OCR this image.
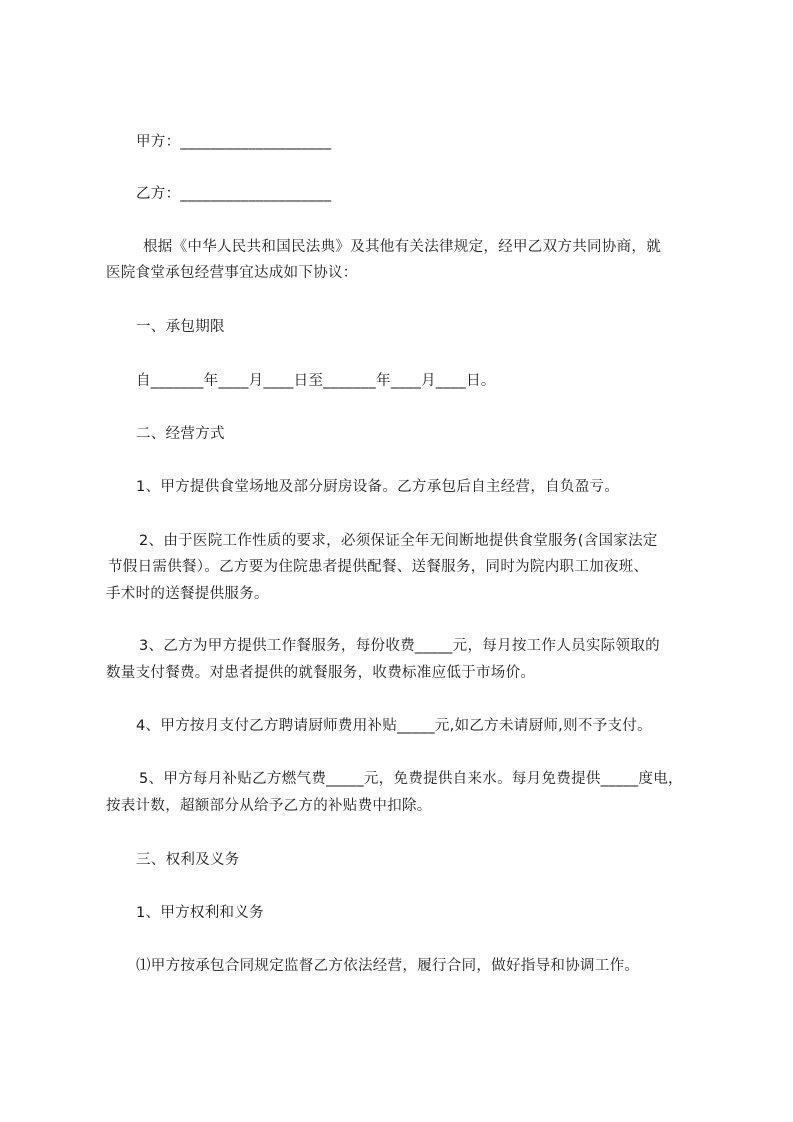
甲方：____________________
乙方：____________________
根据《中华人民共和国民法典》及其他有关法律规定，经甲乙双方共同协商，就
医院食堂承包经营事宜达成如下协议：
一、承包期限
自_______年____月____日至_______年____月____日。
二、经营方式
1、甲方提供食堂场地及部分厨房设备。乙方承包后自主经营，自负盈亏。
2、由于医院工作性质的要求，必须保证全年无间断地提供食堂服务(含国家法定
节假日需供餐）。乙方要为住院患者提供配餐、送餐服务，同时为院内职工加夜班、
手术时的送餐提供服务。
3、乙方为甲方提供工作餐服务，每份收费_____元，每月按工作人员实际领取的
数量支付餐费。对患者提供的就餐服务，收费标准应低于市场价。
4、甲方按月支付乙方聘请厨师费用补贴_____元,如乙方未请厨师,则不予支付。
5、甲方每月补贴乙方燃气费_____元，免费提供自来水。每月免费提供_____度电，
按表计数，超额部分从给予乙方的补贴费中扣除。
三、权利及义务
1、甲方权利和义务
⑴甲方按承包合同规定监督乙方依法经营，履行合同，做好指导和协调工作。
